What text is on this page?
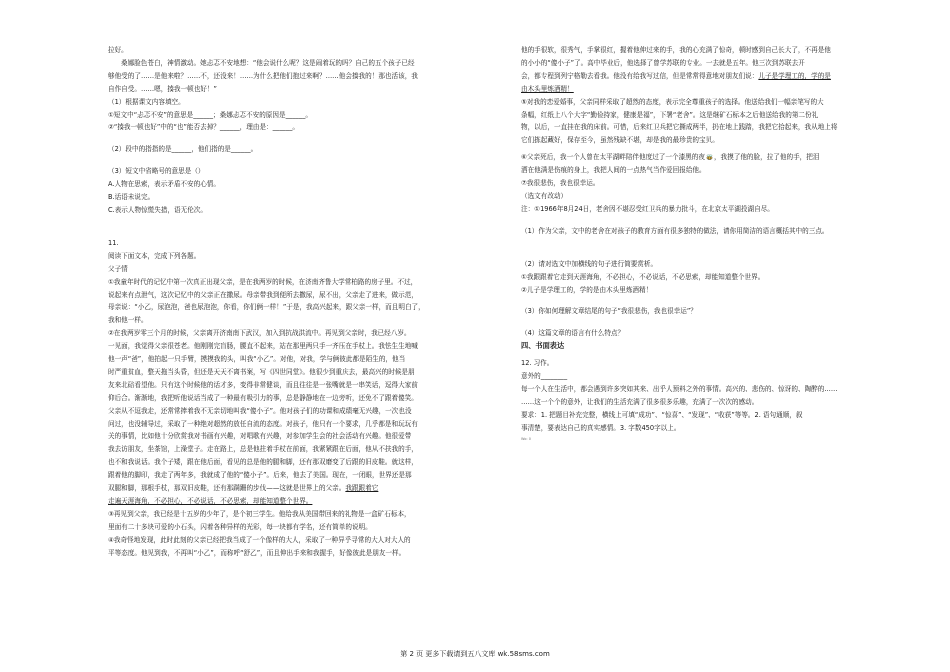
拉好。

桑娜脸色苍白，神情激动。她忐忑不安地想：“他会说什么呢？这是闹着玩的吗？自己的五个孩子已经

够他受的了……是他来啦？……不，还没来！……为什么把他们抱过来啊？……他会揍我的！那也活该，我

自作自受。……嗯，揍我一顿也好！”

（1）根据课文内容填空。

①短文中“忐忑不安”的意思是______；桑娜忐忑不安的原因是______。

②“揍我一顿也好”中的“也”能否去掉？______，理由是：______。

（2）段中的指指的是______，他们指的是______。

（3）短文中省略号的意思是（）

A.人物在思索，表示矛盾不安的心情。

B.话语未说完。

C.表示人物惊慌失措，语无伦次。

11.

阅读下面文本，完成下列各题。

父子情

①我童年时代的记忆中第一次真正出现父亲，是在我两岁的时候，在济南齐鲁大学常柏路的房子里。不过，

说起来有点泄气，这次记忆中的父亲正在撒尿。母亲带我到便所去撒尿，尿不出，父亲走了进来，做示范，

母亲说：“小乙，尿泡泡，爸也尿泡泡，你看，你们俩一样！”于是，我高兴起来，跟父亲一样，而且明白了，

我和他一样。

②在我两岁零三个月的时候，父亲离开济南南下武汉，加入到抗战洪流中。再见到父亲时，我已经八岁。

一见面，我觉得父亲很苍老。他刚刚完盲肠，腰直不起来，站在那里两只手一齐压在手杖上。我怯生生地喊

他一声“爸”，他拍起一只手臂，摸摸我的头，叫我“小乙”。对他，对我，学与俩彼此都是陌生的，他当

时严重贫血，整天拖当头昏，但还是天天不离书案，写《四世同堂》。他很少到重庆去，最高兴的时候是朋

友来北碚看望他。只有这个时候他的话才多，变得非常健谈，而且往往是一张嘴就是一串笑话，逗得大家前

仰后合。渐渐地，我把听他说话当成了一种最有吸引力的事，总是静静地在一边旁听，还免不了跟着傻笑。

父亲从不逗我走，还常常捧着我不无亲切地叫我“傻小子”。他对孩子们的功课和成绩毫无兴趣，一次也没

问过，也没辅导过，采取了一种绝对超然的放任自流的态度。对孩子，他只有一个要求，几乎都是和玩玩有

关的事情，比如他十分欣赏我对书画有兴趣，对唱歌有兴趣，对参加学生会的社会活动有兴趣。他很爱带

我去访朋友，坐茶馆，上澡堂子。走在路上，总是他拄着手杖在前面，我紧紧跟在后面，他从不扶我的手，

也不和我说话。我个子矮，跟在他后面，看见的总是他的腿和脚，还有那双磨变了后跟的旧皮鞋。就这样，

跟着他的脚印，我走了两年多，我就成了他的“傻小子”。后来，他去了美国。现在，一闭眼，世界还是那

双腿和脚，那根手杖，那双旧皮鞋，还有那蹒跚的步伐——这就是世界上的父亲。我跟跟着它

走遍天涯海角，不必担心，不必说话，不必思索，却能知道整个世界。

③再见到父亲，我已经是十五岁的少年了，是个初三学生。他给我从美国带回来的礼物是一盒矿石标本，

里面有二十多块可爱的小石头，闪着各种异样的光彩，每一块都有学名，还有简单的说明。

④我奇怪地发现，此时此刻的父亲已经把我当成了一个像样的大人，采取了一种异乎寻常的大人对大人的

平等态度。他见到我，不再叫“小乙”，而称呼“舒乙”，而且伸出手来和我握手，好像彼此是朋友一样。

他的手很软，很秀气，手掌很红，握着他伸过来的手，我的心充满了惊奇，顿时感到自己长大了，不再是他

的小小的“傻小子”了。高中毕业后，他选择了曾学苏联的专业。一去就是五年。他三次到苏联去开

会，都专程到列宁格勒去看我。他没有给我写过信，但是常常得意地对朋友们说：儿子是学理工的，学的是

由木头里炼酒精！

⑤对我的恋爱婚事，父亲同样采取了超然的态度，表示完全尊重孩子的选择。他送给我们一幅亲笔写的大

条幅，红纸上八个大字“勤俭持家，健康是福”，下署“老舍”。这是继矿石标本之后他送给我的第二份礼

物，以后，一直挂在我的床前。可惜，后来红卫兵把它撕成两半，扔在地上践踏，我把它拾起来，我从地上将

它们拣起藏好，保存至今，虽然残缺不堪，却是我的最珍贵的宝贝。

⑥父亲死后，我一个人曾在太平湖畔陪伴他度过了一个漆黑的夜 ，我摸了他的脸，拉了他的手，把泪

洒在他满是伤痕的身上，我把人间的一点热气当作爱回报给他。

⑦我很悲伤，我也很幸运。

（选文有改动）

注：①1966年8月24日，老舍因不堪忍受红卫兵的暴力批斗，在北京太平湖投湖自尽。

（1）作为父亲，文中的老舍在对孩子的教育方面有很多独特的做法，请你用简洁的语言概括其中的三点。

（2）请对选文中加横线的句子进行简要赏析。

①我跟跟着它走到天涯海角，不必担心，不必说话，不必思索，却能知道整个世界。

②儿子是学理工的，学的是由木头里炼酒精！

（3）你如何理解文章结尾的句子“我很悲伤，我也很幸运”？

（4）这篇文章的语言有什么特点？

四、书面表达

12. 习作。

意外的________

每一个人在生活中，都会遇到许多突如其来、出乎人预料之外的事情。高兴的、悲伤的、惊讶的、陶醉的……

……这一个个的意外，让我们的生活充满了很多很多乐趣，充满了一次次的感动。

要求：1. 把题目补充完整，横线上可填“成功”、“惊喜”、“发现”、“收获”等等。2. 语句通顺，叙

事清楚，要表达自己的真实感情。3. 字数450字以上。

Wo: 0

第 2 页 更多下载请到五八文库 wk.58sms.com
